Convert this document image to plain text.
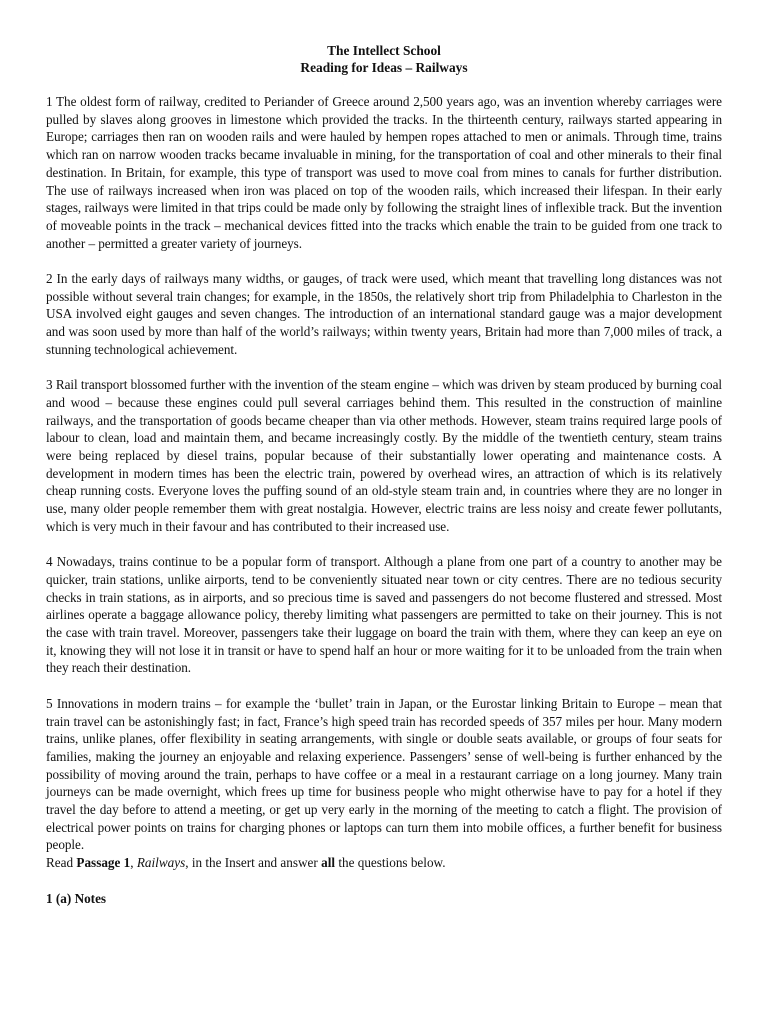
The Intellect School

Reading for Ideas – Railways

1 The oldest form of railway, credited to Periander of Greece around 2,500 years ago, was an invention whereby carriages were pulled by slaves along grooves in limestone which provided the tracks. In the thirteenth century, railways started appearing in Europe; carriages then ran on wooden rails and were hauled by hempen ropes attached to men or animals. Through time, trains which ran on narrow wooden tracks became invaluable in mining, for the transportation of coal and other minerals to their final destination. In Britain, for example, this type of transport was used to move coal from mines to canals for further distribution. The use of railways increased when iron was placed on top of the wooden rails, which increased their lifespan. In their early stages, railways were limited in that trips could be made only by following the straight lines of inflexible track. But the invention of moveable points in the track – mechanical devices fitted into the tracks which enable the train to be guided from one track to another – permitted a greater variety of journeys.

2 In the early days of railways many widths, or gauges, of track were used, which meant that travelling long distances was not possible without several train changes; for example, in the 1850s, the relatively short trip from Philadelphia to Charleston in the USA involved eight gauges and seven changes. The introduction of an international standard gauge was a major development and was soon used by more than half of the world’s railways; within twenty years, Britain had more than 7,000 miles of track, a stunning technological achievement.

3 Rail transport blossomed further with the invention of the steam engine – which was driven by steam produced by burning coal and wood – because these engines could pull several carriages behind them. This resulted in the construction of mainline railways, and the transportation of goods became cheaper than via other methods. However, steam trains required large pools of labour to clean, load and maintain them, and became increasingly costly. By the middle of the twentieth century, steam trains were being replaced by diesel trains, popular because of their substantially lower operating and maintenance costs. A development in modern times has been the electric train, powered by overhead wires, an attraction of which is its relatively cheap running costs. Everyone loves the puffing sound of an old-style steam train and, in countries where they are no longer in use, many older people remember them with great nostalgia. However, electric trains are less noisy and create fewer pollutants, which is very much in their favour and has contributed to their increased use.

4 Nowadays, trains continue to be a popular form of transport. Although a plane from one part of a country to another may be quicker, train stations, unlike airports, tend to be conveniently situated near town or city centres. There are no tedious security checks in train stations, as in airports, and so precious time is saved and passengers do not become flustered and stressed. Most airlines operate a baggage allowance policy, thereby limiting what passengers are permitted to take on their journey. This is not the case with train travel. Moreover, passengers take their luggage on board the train with them, where they can keep an eye on it, knowing they will not lose it in transit or have to spend half an hour or more waiting for it to be unloaded from the train when they reach their destination.

5 Innovations in modern trains – for example the ‘bullet’ train in Japan, or the Eurostar linking Britain to Europe – mean that train travel can be astonishingly fast; in fact, France’s high speed train has recorded speeds of 357 miles per hour. Many modern trains, unlike planes, offer flexibility in seating arrangements, with single or double seats available, or groups of four seats for families, making the journey an enjoyable and relaxing experience. Passengers’ sense of well-being is further enhanced by the possibility of moving around the train, perhaps to have coffee or a meal in a restaurant carriage on a long journey. Many train journeys can be made overnight, which frees up time for business people who might otherwise have to pay for a hotel if they travel the day before to attend a meeting, or get up very early in the morning of the meeting to catch a flight. The provision of electrical power points on trains for charging phones or laptops can turn them into mobile offices, a further benefit for business people.

Read Passage 1, Railways, in the Insert and answer all the questions below.

1 (a) Notes
